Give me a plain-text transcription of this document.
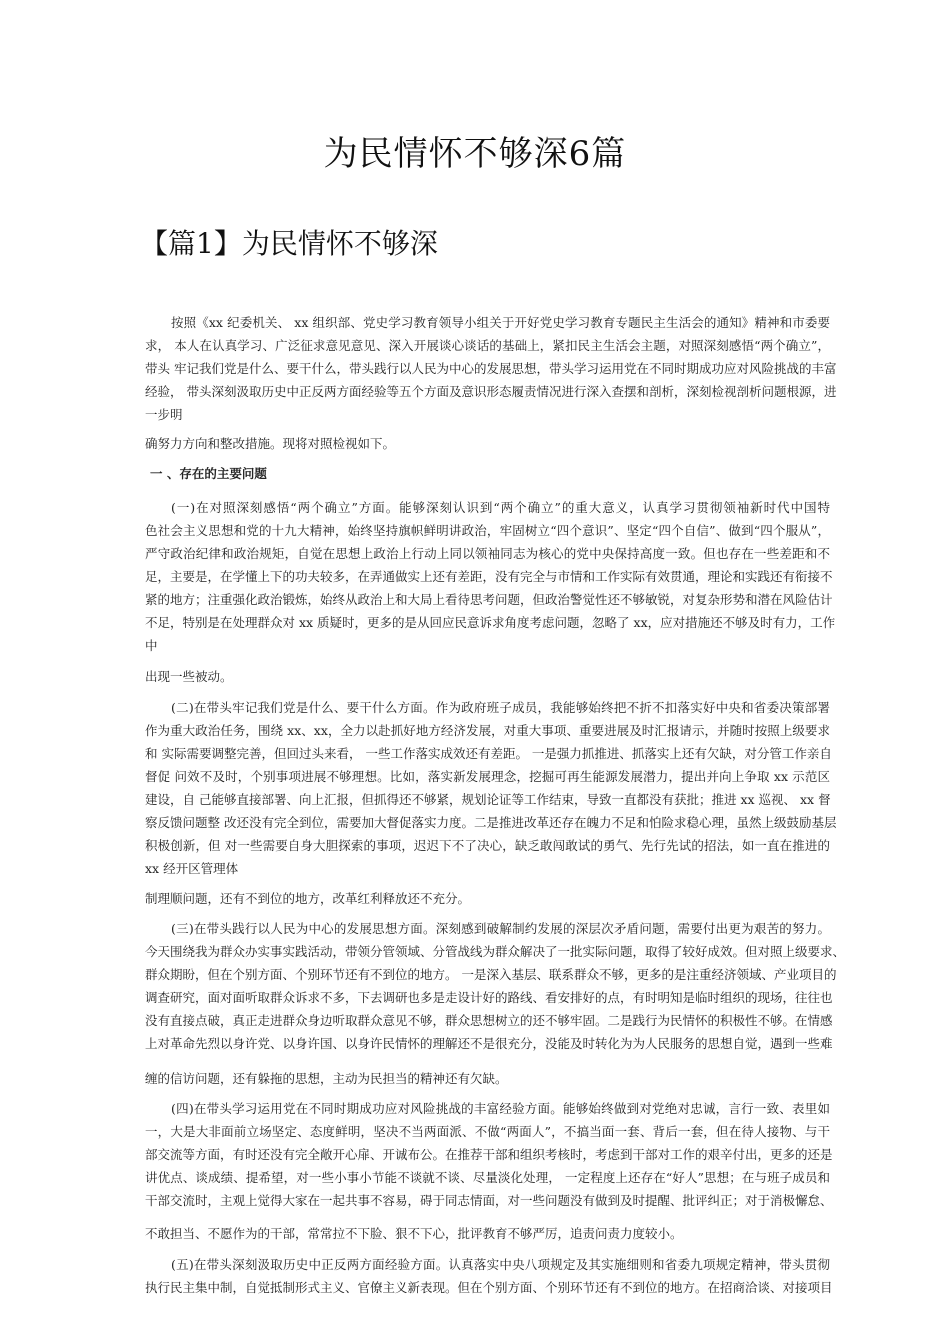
为民情怀不够深6篇
【篇1】为民情怀不够深
一 、存在的主要问题
按照《xx 纪委机关、 xx 组织部、党史学习教育领导小组关于开好党史学习教育专题民主生活会的通知》精神和市委要
求， 本人在认真学习、广泛征求意见意见、深入开展谈心谈话的基础上，紧扣民主生活会主题，对照深刻感悟“两个确立”，
带头 牢记我们党是什么、要干什么，带头践行以人民为中心的发展思想，带头学习运用党在不同时期成功应对风险挑战的丰富
经验， 带头深刻汲取历史中正反两方面经验等五个方面及意识形态履责情况进行深入查摆和剖析，深刻检视剖析问题根源，进
一步明
确努力方向和整改措施。现将对照检视如下。
(一)在对照深刻感悟“两个确立”方面。能够深刻认识到“两个确立”的重大意义，认真学习贯彻领袖新时代中国特
色社会主义思想和党的十九大精神，始终坚持旗帜鲜明讲政治，牢固树立“四个意识”、坚定“四个自信”、做到“四个服从”，
严守政治纪律和政治规矩，自觉在思想上政治上行动上同以领袖同志为核心的党中央保持高度一致。但也存在一些差距和不
足，主要是，在学懂上下的功夫较多，在弄通做实上还有差距，没有完全与市情和工作实际有效贯通，理论和实践还有衔接不
紧的地方；注重强化政治锻炼，始终从政治上和大局上看待思考问题，但政治警觉性还不够敏锐，对复杂形势和潜在风险估计
不足，特别是在处理群众对 xx 质疑时，更多的是从回应民意诉求角度考虑问题，忽略了 xx，应对措施还不够及时有力，工作
中
出现一些被动。
(二)在带头牢记我们党是什么、要干什么方面。作为政府班子成员，我能够始终把不折不扣落实好中央和省委决策部署
作为重大政治任务，围绕 xx、xx，全力以赴抓好地方经济发展，对重大事项、重要进展及时汇报请示，并随时按照上级要求
和 实际需要调整完善，但回过头来看， 一些工作落实成效还有差距。 一是强力抓推进、抓落实上还有欠缺，对分管工作亲自
督促 问效不及时，个别事项进展不够理想。比如，落实新发展理念，挖掘可再生能源发展潜力，提出并向上争取 xx 示范区
建设，自 己能够直接部署、向上汇报，但抓得还不够紧，规划论证等工作结束，导致一直都没有获批；推进 xx 巡视、 xx 督
察反馈问题整 改还没有完全到位，需要加大督促落实力度。二是推进改革还存在魄力不足和怕险求稳心理，虽然上级鼓励基层
积极创新，但 对一些需要自身大胆探索的事项，迟迟下不了决心，缺乏敢闯敢试的勇气、先行先试的招法，如一直在推进的
xx 经开区管理体
制理顺问题，还有不到位的地方，改革红利释放还不充分。
(三)在带头践行以人民为中心的发展思想方面。深刻感到破解制约发展的深层次矛盾问题，需要付出更为艰苦的努力。
今天围绕我为群众办实事实践活动，带领分管领域、分管战线为群众解决了一批实际问题，取得了较好成效。但对照上级要求、
群众期盼，但在个别方面、个别环节还有不到位的地方。 一是深入基层、联系群众不够，更多的是注重经济领域、产业项目的
调查研究，面对面听取群众诉求不多，下去调研也多是走设计好的路线、看安排好的点，有时明知是临时组织的现场，往往也
没有直接点破，真正走进群众身边听取群众意见不够，群众思想树立的还不够牢固。二是践行为民情怀的积极性不够。在情感
上对革命先烈以身许党、以身许国、以身许民情怀的理解还不是很充分，没能及时转化为为人民服务的思想自觉，遇到一些难
缠的信访问题，还有躲拖的思想，主动为民担当的精神还有欠缺。
(四)在带头学习运用党在不同时期成功应对风险挑战的丰富经验方面。能够始终做到对党绝对忠诚，言行一致、表里如
一，大是大非面前立场坚定、态度鲜明，坚决不当两面派、不做“两面人”，不搞当面一套、背后一套，但在待人接物、与干
部交流等方面，有时还没有完全敞开心扉、开诚布公。在推荐干部和组织考核时，考虑到干部对工作的艰辛付出，更多的还是
讲优点、谈成绩、提希望，对一些小事小节能不谈就不谈、尽量淡化处理， 一定程度上还存在“好人”思想；在与班子成员和
干部交流时，主观上觉得大家在一起共事不容易，碍于同志情面，对一些问题没有做到及时提醒、批评纠正；对于消极懈怠、
不敢担当、不愿作为的干部，常常拉不下脸、狠不下心，批评教育不够严厉，追责问责力度较小。
(五)在带头深刻汲取历史中正反两方面经验方面。认真落实中央八项规定及其实施细则和省委九项规定精神，带头贯彻
执行民主集中制，自觉抵制形式主义、官僚主义新表现。但在个别方面、个别环节还有不到位的地方。在招商洽谈、对接项目
